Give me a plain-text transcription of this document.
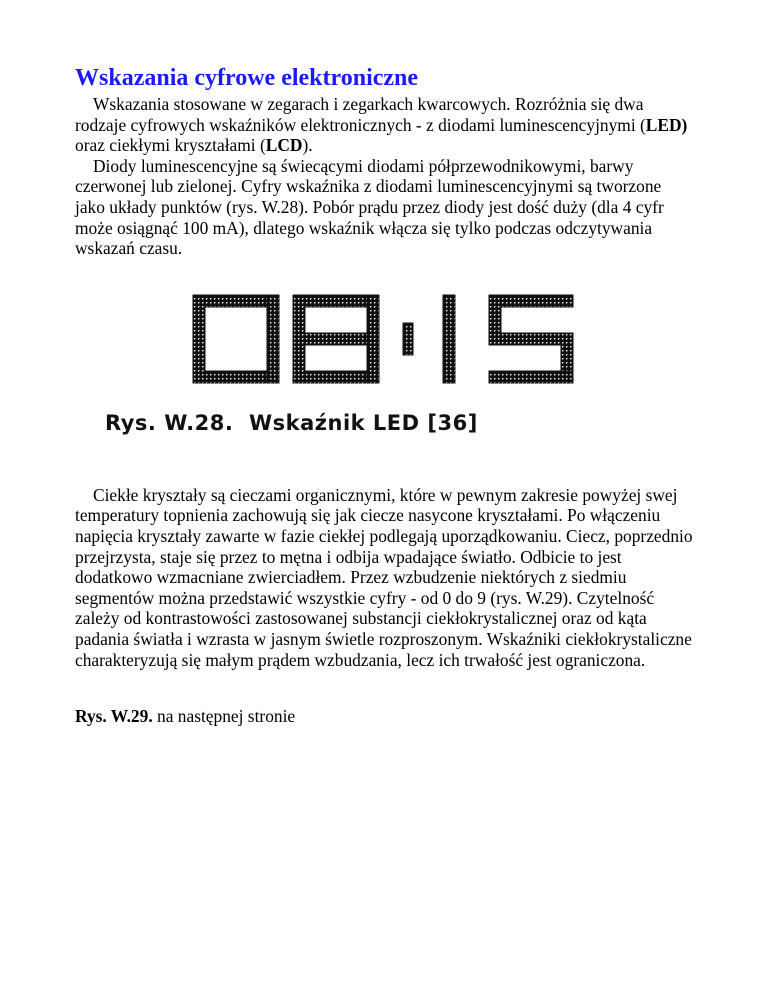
Wskazania cyfrowe elektroniczne

Wskazania stosowane w zegarach i zegarkach kwarcowych. Rozróżnia się dwa rodzaje cyfrowych wskaźników elektronicznych - z diodami luminescencyjnymi (LED) oraz ciekłymi kryształami (LCD).

Diody luminescencyjne są świecącymi diodami półprzewodnikowymi, barwy czerwonej lub zielonej. Cyfry wskaźnika z diodami luminescencyjnymi są tworzone jako układy punktów (rys. W.28). Pobór prądu przez diody jest dość duży (dla 4 cyfr może osiągnąć 100 mA), dlatego wskaźnik włącza się tylko podczas odczytywania wskazań czasu.

Rys. W.28. Wskaźnik LED [36]

Ciekłe kryształy są cieczami organicznymi, które w pewnym zakresie powyżej swej temperatury topnienia zachowują się jak ciecze nasycone kryształami. Po włączeniu napięcia kryształy zawarte w fazie ciekłej podlegają uporządkowaniu. Ciecz, poprzednio przejrzysta, staje się przez to mętna i odbija wpadające światło. Odbicie to jest dodatkowo wzmacniane zwierciadłem. Przez wzbudzenie niektórych z siedmiu segmentów można przedstawić wszystkie cyfry - od 0 do 9 (rys. W.29). Czytelność zależy od kontrastowości zastosowanej substancji ciekłokrystalicznej oraz od kąta padania światła i wzrasta w jasnym świetle rozproszonym. Wskaźniki ciekłokrystaliczne charakteryzują się małym prądem wzbudzania, lecz ich trwałość jest ograniczona.

Rys. W.29. na następnej stronie
